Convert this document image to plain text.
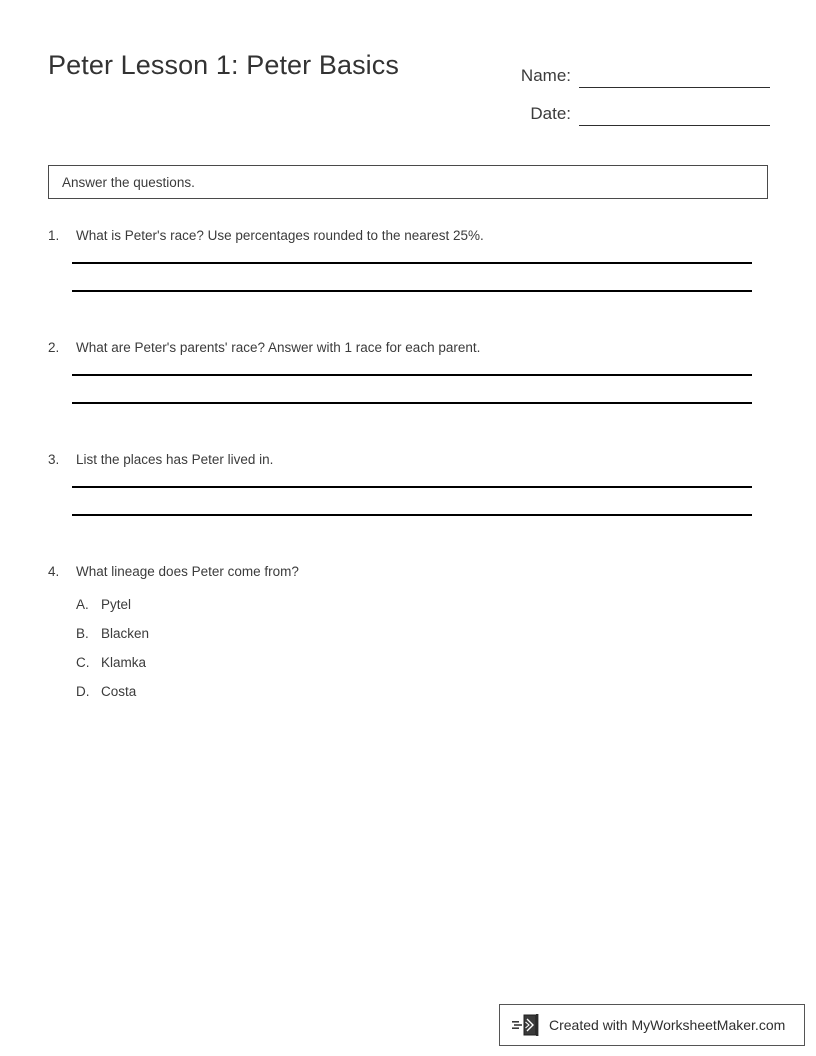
Peter Lesson 1: Peter Basics	Name:
Date:
Answer the questions.
1.	What is Peter's race? Use percentages rounded to the nearest 25%.
2.	What are Peter's parents' race? Answer with 1 race for each parent.
3.	List the places has Peter lived in.
4.	What lineage does Peter come from?
A. Pytel
B. Blacken
C. Klamka
D. Costa
Created with MyWorksheetMaker.com
